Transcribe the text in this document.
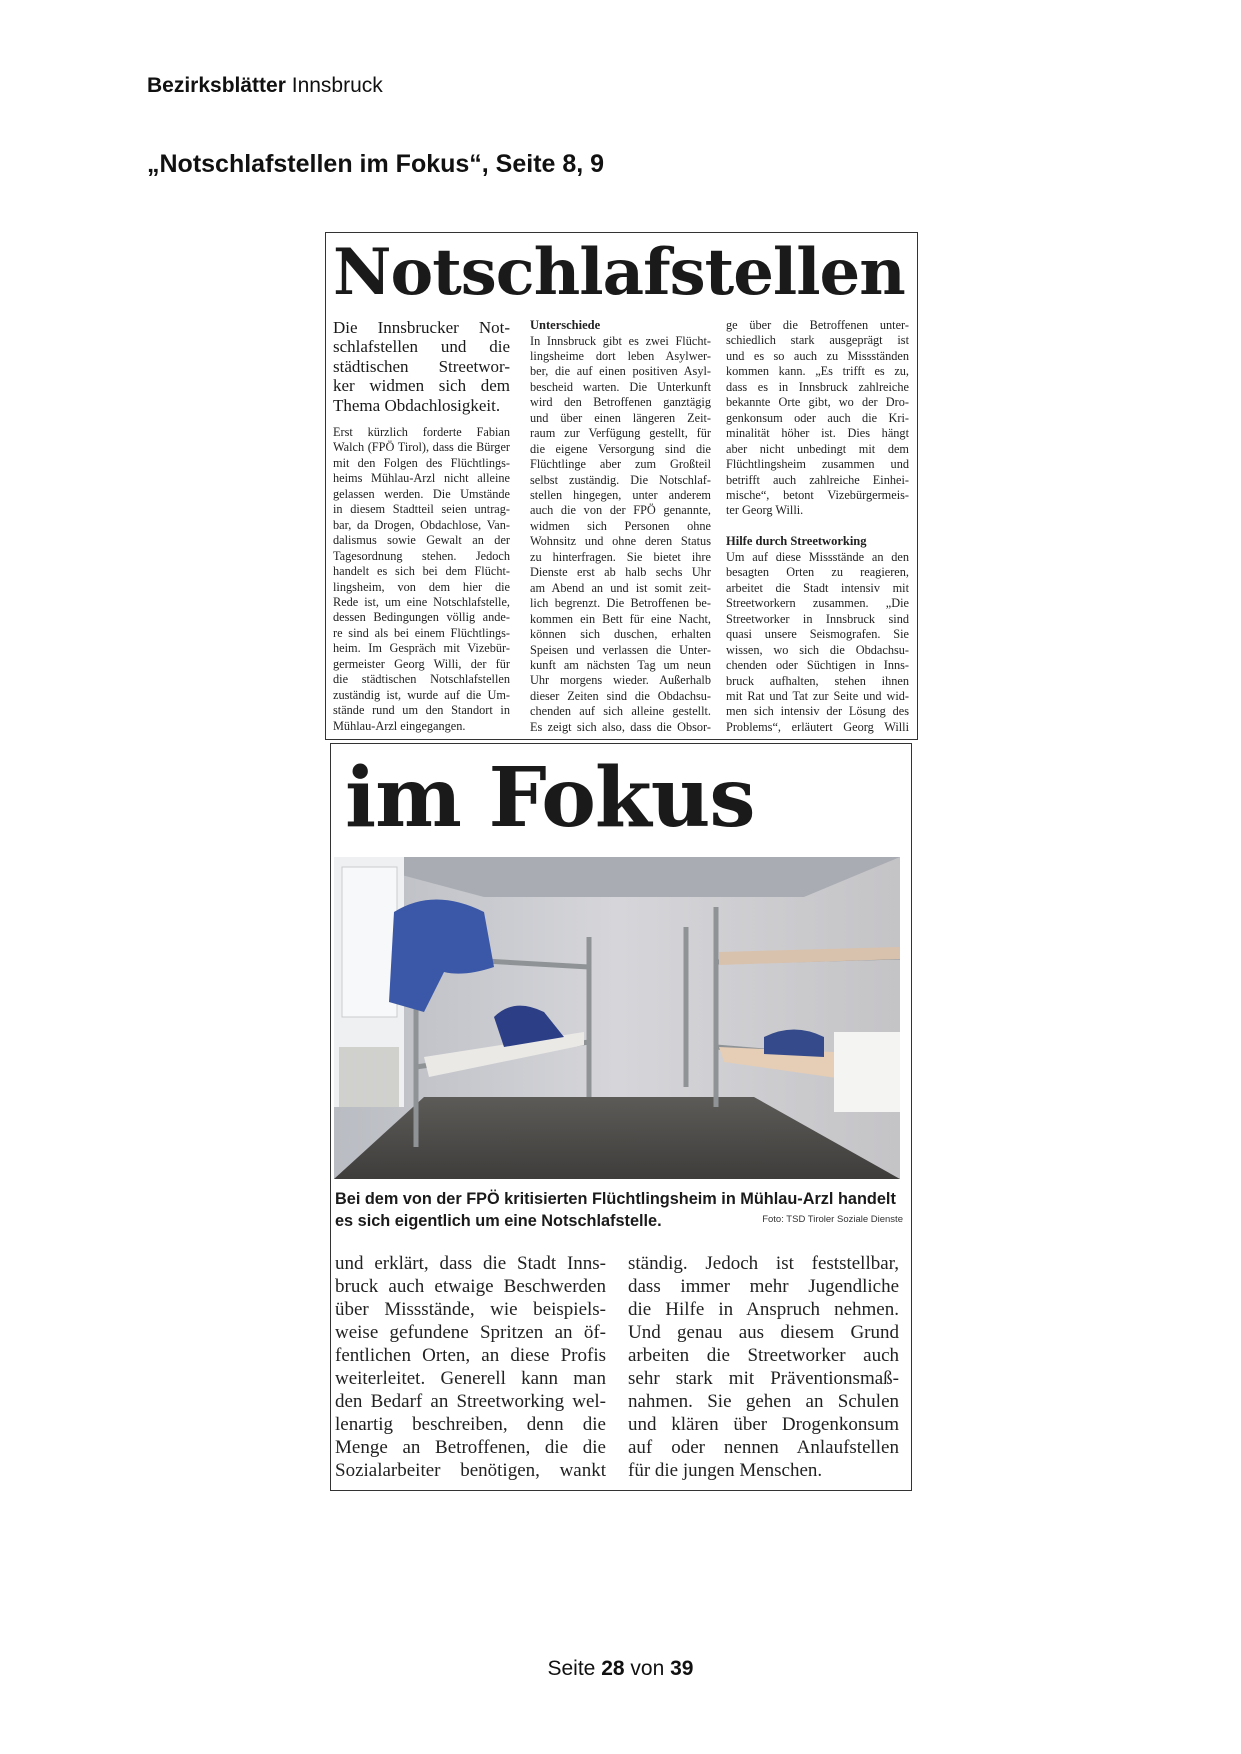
Bezirksblätter Innsbruck
„Notschlafstellen im Fokus“, Seite 8, 9
Notschlafstellen
Die Innsbrucker Not-
schlafstellen und die
städtischen Streetwor-
ker widmen sich dem
Thema Obdachlosigkeit.
Erst kürzlich forderte Fabian
Walch (FPÖ Tirol), dass die Bürger
mit den Folgen des Flüchtlings-
heims Mühlau-Arzl nicht alleine
gelassen werden. Die Umstände
in diesem Stadtteil seien untrag-
bar, da Drogen, Obdachlose, Van-
dalismus sowie Gewalt an der
Tagesordnung stehen. Jedoch
handelt es sich bei dem Flücht-
lingsheim, von dem hier die
Rede ist, um eine Notschlafstelle,
dessen Bedingungen völlig ande-
re sind als bei einem Flüchtlings-
heim. Im Gespräch mit Vizebür-
germeister Georg Willi, der für
die städtischen Notschlafstellen
zuständig ist, wurde auf die Um-
stände rund um den Standort in
Mühlau-Arzl eingegangen.
Unterschiede
In Innsbruck gibt es zwei Flücht-
lingsheime dort leben Asylwer-
ber, die auf einen positiven Asyl-
bescheid warten. Die Unterkunft
wird den Betroffenen ganztägig
und über einen längeren Zeit-
raum zur Verfügung gestellt, für
die eigene Versorgung sind die
Flüchtlinge aber zum Großteil
selbst zuständig. Die Notschlaf-
stellen hingegen, unter anderem
auch die von der FPÖ genannte,
widmen sich Personen ohne
Wohnsitz und ohne deren Status
zu hinterfragen. Sie bietet ihre
Dienste erst ab halb sechs Uhr
am Abend an und ist somit zeit-
lich begrenzt. Die Betroffenen be-
kommen ein Bett für eine Nacht,
können sich duschen, erhalten
Speisen und verlassen die Unter-
kunft am nächsten Tag um neun
Uhr morgens wieder. Außerhalb
dieser Zeiten sind die Obdachsu-
chenden auf sich alleine gestellt.
Es zeigt sich also, dass die Obsor-
ge über die Betroffenen unter-
schiedlich stark ausgeprägt ist
und es so auch zu Missständen
kommen kann. „Es trifft es zu,
dass es in Innsbruck zahlreiche
bekannte Orte gibt, wo der Dro-
genkonsum oder auch die Kri-
minalität höher ist. Dies hängt
aber nicht unbedingt mit dem
Flüchtlingsheim zusammen und
betrifft auch zahlreiche Einhei-
mische“, betont Vizebürgermeis-
ter Georg Willi.
Hilfe durch Streetworking
Um auf diese Missstände an den
besagten Orten zu reagieren,
arbeitet die Stadt intensiv mit
Streetworkern zusammen. „Die
Streetworker in Innsbruck sind
quasi unsere Seismografen. Sie
wissen, wo sich die Obdachsu-
chenden oder Süchtigen in Inns-
bruck aufhalten, stehen ihnen
mit Rat und Tat zur Seite und wid-
men sich intensiv der Lösung des
Problems“, erläutert Georg Willi
im Fokus
Bei dem von der FPÖ kritisierten Flüchtlingsheim in Mühlau-Arzl handelt
es sich eigentlich um eine Notschlafstelle.	Foto: TSD Tiroler Soziale Dienste
und erklärt, dass die Stadt Inns-
bruck auch etwaige Beschwerden
über Missstände, wie beispiels-
weise gefundene Spritzen an öf-
fentlichen Orten, an diese Profis
weiterleitet. Generell kann man
den Bedarf an Streetworking wel-
lenartig beschreiben, denn die
Menge an Betroffenen, die die
Sozialarbeiter benötigen, wankt
ständig. Jedoch ist feststellbar,
dass immer mehr Jugendliche
die Hilfe in Anspruch nehmen.
Und genau aus diesem Grund
arbeiten die Streetworker auch
sehr stark mit Präventionsmaß-
nahmen. Sie gehen an Schulen
und klären über Drogenkonsum
auf oder nennen Anlaufstellen
für die jungen Menschen.
Seite 28 von 39
